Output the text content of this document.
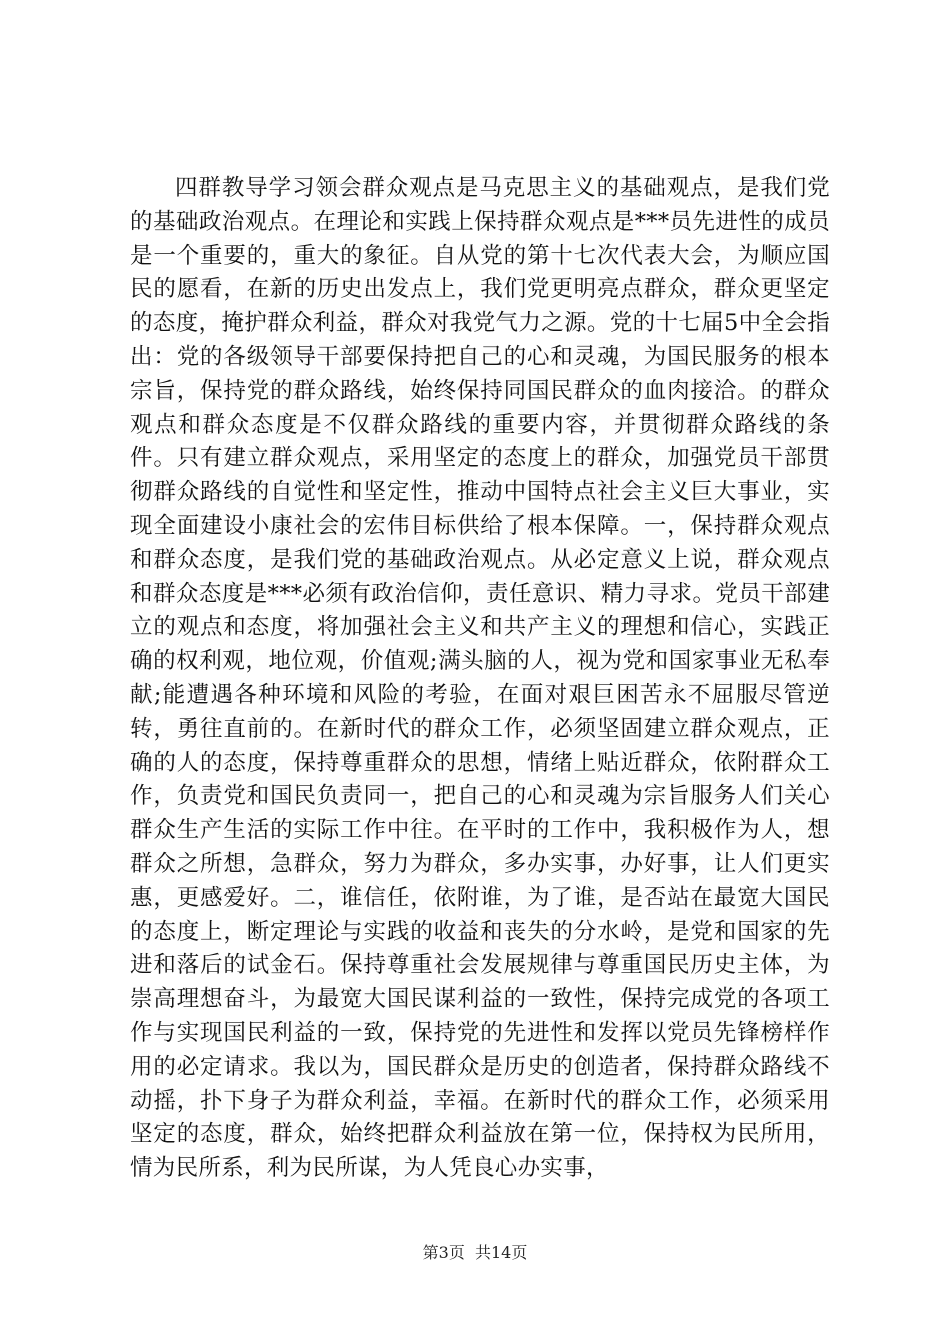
四群教导学习领会群众观点是马克思主义的基础观点，是我们党的基础政治观点。在理论和实践上保持群众观点是***员先进性的成员是一个重要的，重大的象征。自从党的第十七次代表大会，为顺应国民的愿看，在新的历史出发点上，我们党更明亮点群众，群众更坚定的态度，掩护群众利益，群众对我党气力之源。党的十七届5中全会指出：党的各级领导干部要保持把自己的心和灵魂，为国民服务的根本宗旨，保持党的群众路线，始终保持同国民群众的血肉接洽。的群众观点和群众态度是不仅群众路线的重要内容，并贯彻群众路线的条件。只有建立群众观点，采用坚定的态度上的群众，加强党员干部贯彻群众路线的自觉性和坚定性，推动中国特点社会主义巨大事业，实现全面建设小康社会的宏伟目标供给了根本保障。一，保持群众观点和群众态度，是我们党的基础政治观点。从必定意义上说，群众观点和群众态度是***必须有政治信仰，责任意识、精力寻求。党员干部建立的观点和态度，将加强社会主义和共产主义的理想和信心，实践正确的权利观，地位观，价值观;满头脑的人，视为党和国家事业无私奉献;能遭遇各种环境和风险的考验，在面对艰巨困苦永不屈服尽管逆转，勇往直前的。在新时代的群众工作，必须坚固建立群众观点，正确的人的态度，保持尊重群众的思想，情绪上贴近群众，依附群众工作，负责党和国民负责同一，把自己的心和灵魂为宗旨服务人们关心群众生产生活的实际工作中往。在平时的工作中，我积极作为人，想群众之所想，急群众，努力为群众，多办实事，办好事，让人们更实惠，更感爱好。二，谁信任，依附谁，为了谁，是否站在最宽大国民的态度上，断定理论与实践的收益和丧失的分水岭，是党和国家的先进和落后的试金石。保持尊重社会发展规律与尊重国民历史主体，为崇高理想奋斗，为最宽大国民谋利益的一致性，保持完成党的各项工作与实现国民利益的一致，保持党的先进性和发挥以党员先锋榜样作用的必定请求。我以为，国民群众是历史的创造者，保持群众路线不动摇，扑下身子为群众利益，幸福。在新时代的群众工作，必须采用坚定的态度，群众，始终把群众利益放在第一位，保持权为民所用，情为民所系，利为民所谋，为人凭良心办实事，

第3页  共14页
